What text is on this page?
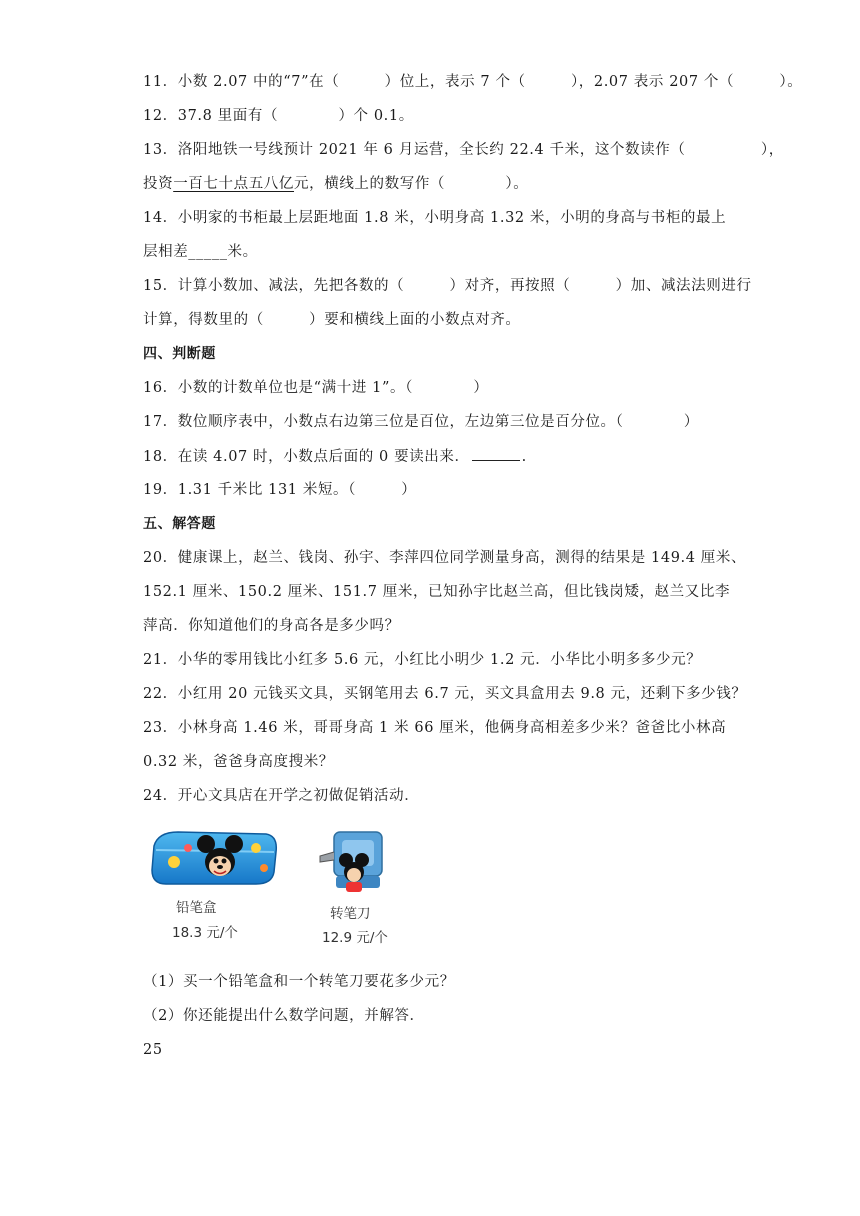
11．小数 2.07 中的“7”在（　　　）位上，表示 7 个（　　　），2.07 表示 207 个（　　　）。
12．37.8 里面有（　　　　）个 0.1。
13．洛阳地铁一号线预计 2021 年 6 月运营，全长约 22.4 千米，这个数读作（　　　　　），
投资一百七十点五八亿元，横线上的数写作（　　　　）。
14．小明家的书柜最上层距地面 1.8 米，小明身高 1.32 米，小明的身高与书柜的最上
层相差_____米。
15．计算小数加、减法，先把各数的（　　　）对齐，再按照（　　　）加、减法法则进行
计算，得数里的（　　　）要和横线上面的小数点对齐。
四、判断题
16．小数的计数单位也是“满十进 1”。（　　　　）
17．数位顺序表中，小数点右边第三位是百位，左边第三位是百分位。（　　　　）
18．在读 4.07 时，小数点后面的 0 要读出来．	.
19．1.31 千米比 131 米短。（　　　）
五、解答题
20．健康课上，赵兰、钱岗、孙宇、李萍四位同学测量身高，测得的结果是 149.4 厘米、
152.1 厘米、150.2 厘米、151.7 厘米，已知孙宇比赵兰高，但比钱岗矮，赵兰又比李
萍高．你知道他们的身高各是多少吗？
21．小华的零用钱比小红多 5.6 元，小红比小明少 1.2 元．小华比小明多多少元？
22．小红用 20 元钱买文具，买钢笔用去 6.7 元，买文具盒用去 9.8 元，还剩下多少钱？
23．小林身高 1.46 米，哥哥身高 1 米 66 厘米，他俩身高相差多少米？爸爸比小林高
0.32 米，爸爸身高度搜米？
24．开心文具店在开学之初做促销活动．
铅笔盒
18.3 元/个
转笔刀
12.9 元/个
（1）买一个铅笔盒和一个转笔刀要花多少元？
（2）你还能提出什么数学问题，并解答．
25
